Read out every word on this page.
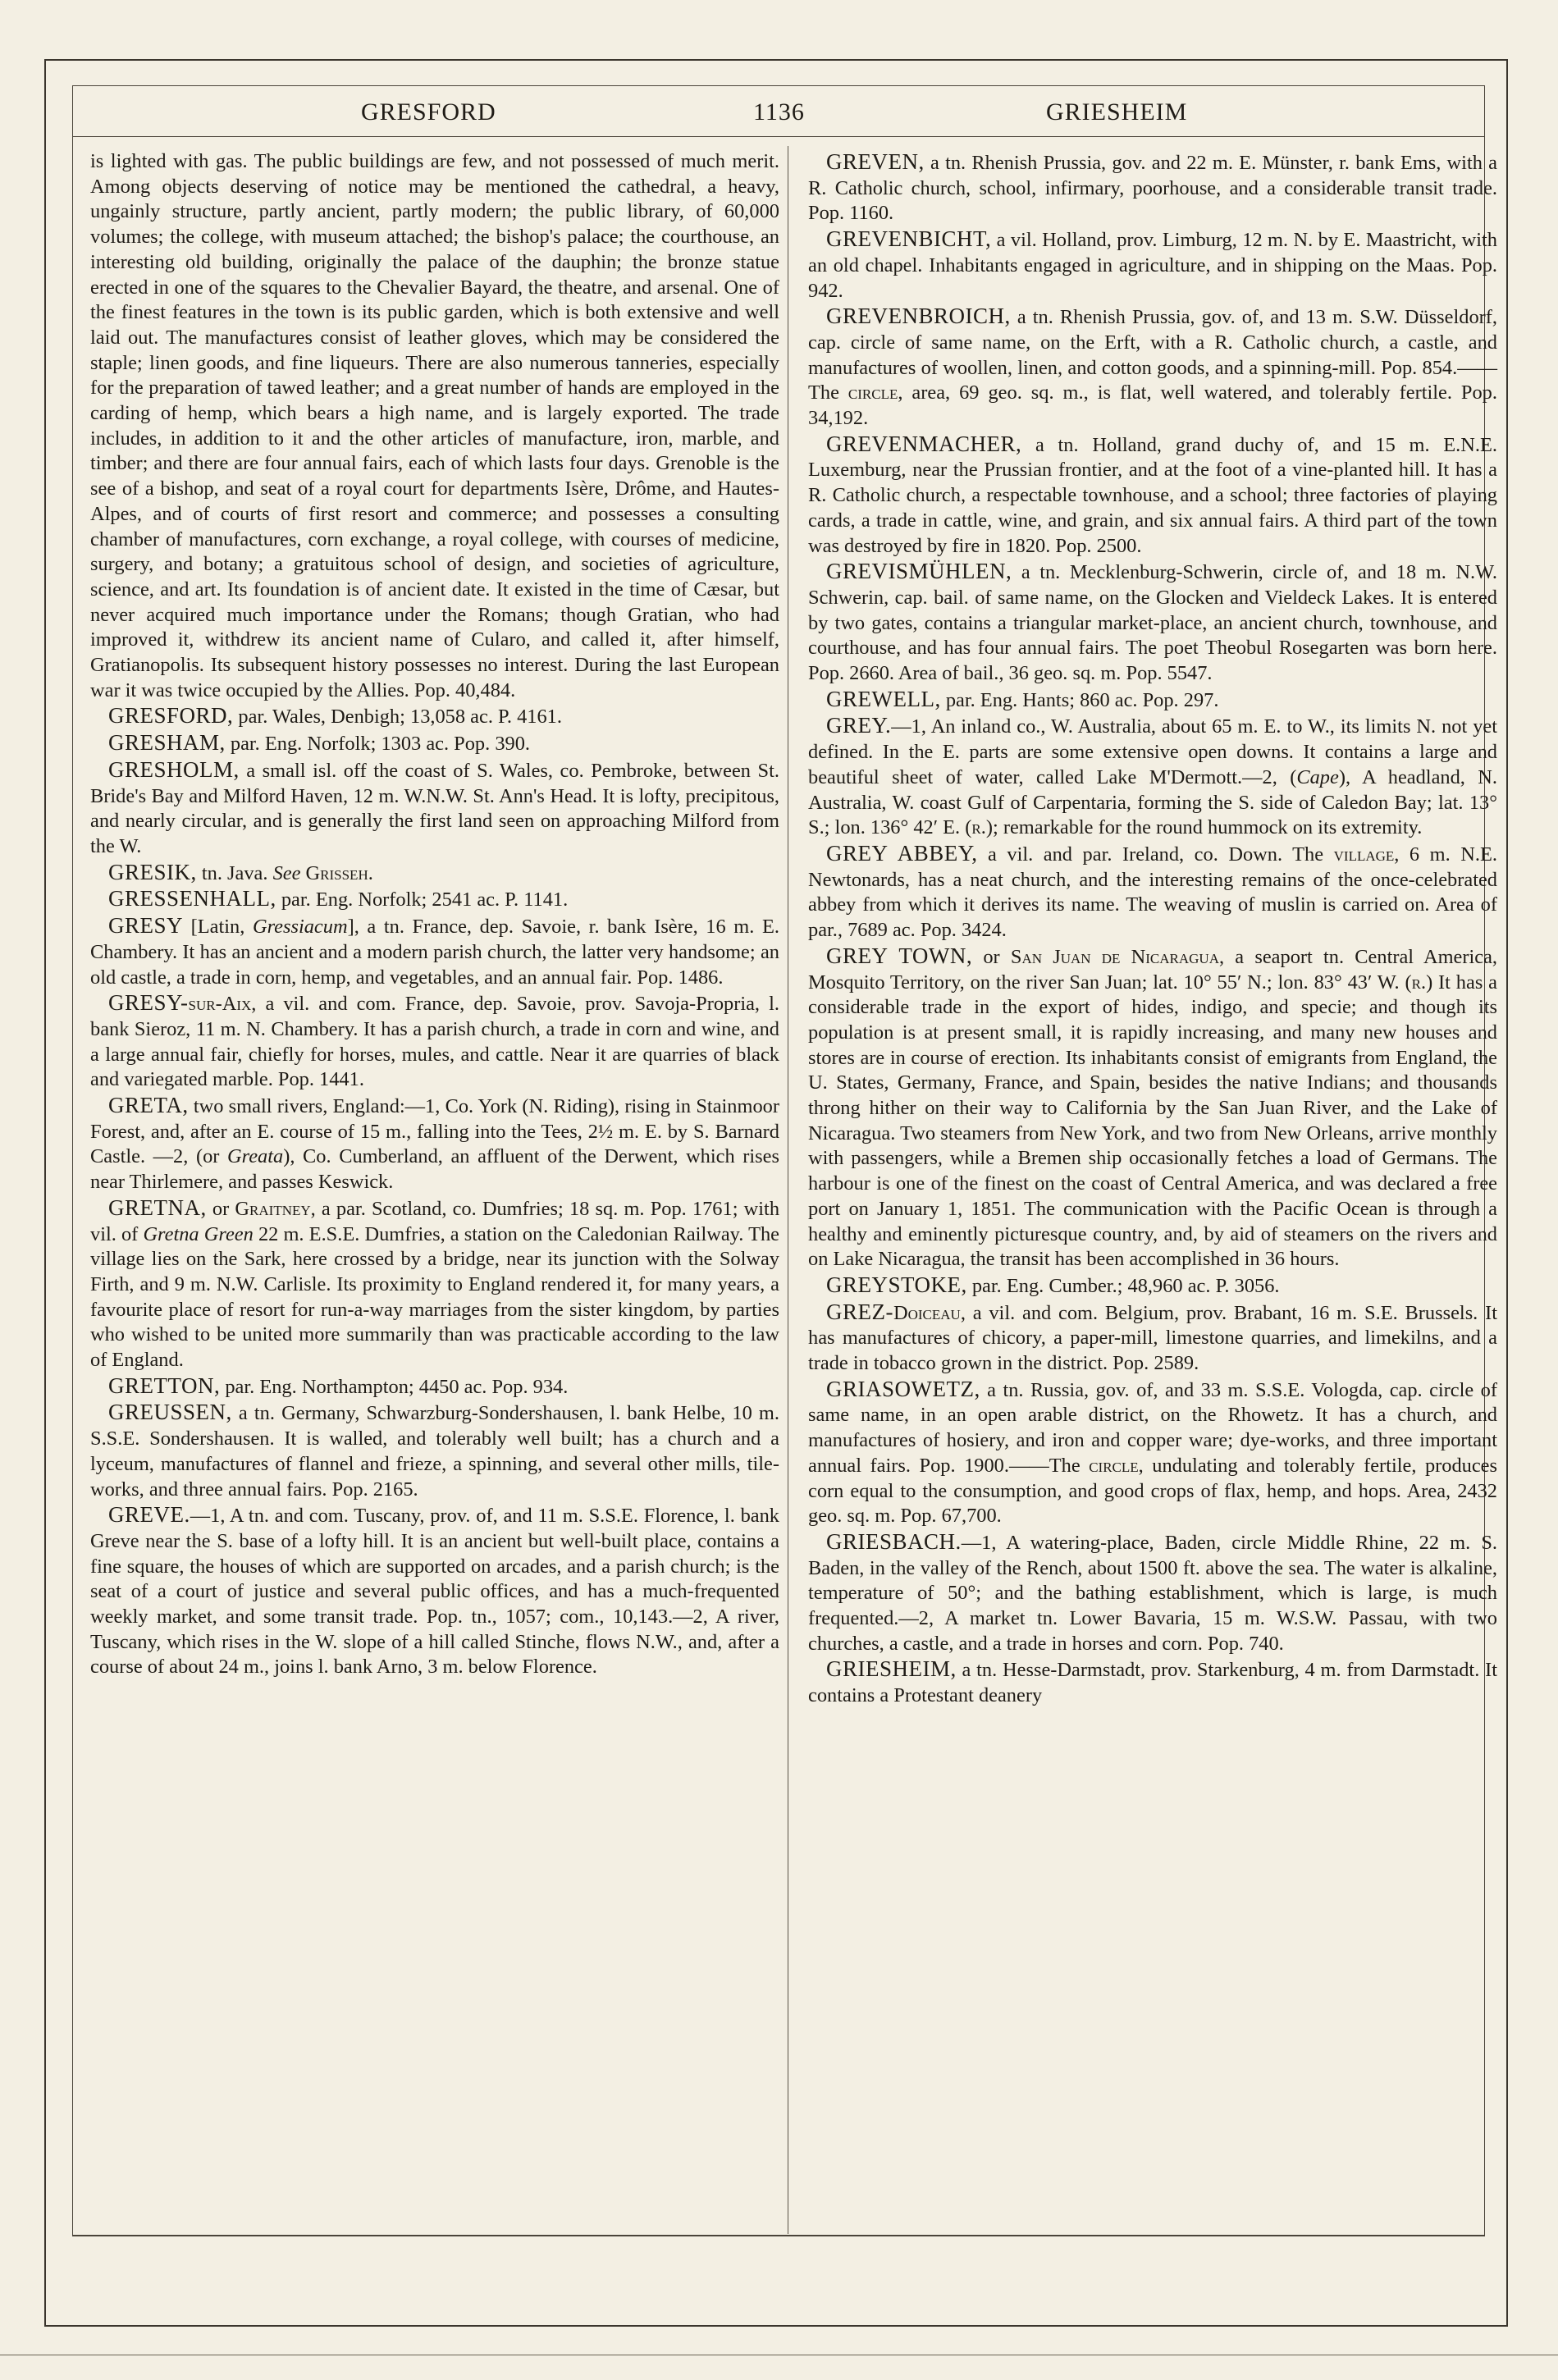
GRESFORD	1136	GRIESHEIM

is lighted with gas. The public buildings are few, and not possessed of much merit. Among objects deserving of notice may be mentioned the cathedral, a heavy, ungainly structure, partly ancient, partly modern; the public library, of 60,000 volumes; the college, with museum attached; the bishop's palace; the courthouse, an interesting old building, originally the palace of the dauphin; the bronze statue erected in one of the squares to the Chevalier Bayard, the theatre, and arsenal. One of the finest features in the town is its public garden, which is both extensive and well laid out. The manufactures consist of leather gloves, which may be considered the staple; linen goods, and fine liqueurs. There are also numerous tanneries, especially for the preparation of tawed leather; and a great number of hands are employed in the carding of hemp, which bears a high name, and is largely exported. The trade includes, in addition to it and the other articles of manufacture, iron, marble, and timber; and there are four annual fairs, each of which lasts four days. Grenoble is the see of a bishop, and seat of a royal court for departments Isère, Drôme, and Hautes-Alpes, and of courts of first resort and commerce; and possesses a consulting chamber of manufactures, corn exchange, a royal college, with courses of medicine, surgery, and botany; a gratuitous school of design, and societies of agriculture, science, and art. Its foundation is of ancient date. It existed in the time of Cæsar, but never acquired much importance under the Romans; though Gratian, who had improved it, withdrew its ancient name of Cularo, and called it, after himself, Gratianopolis. Its subsequent history possesses no interest. During the last European war it was twice occupied by the Allies. Pop. 40,484.

GRESFORD, par. Wales, Denbigh; 13,058 ac. P. 4161.

GRESHAM, par. Eng. Norfolk; 1303 ac. Pop. 390.

GRESHOLM, a small isl. off the coast of S. Wales, co. Pembroke, between St. Bride's Bay and Milford Haven, 12 m. W.N.W. St. Ann's Head. It is lofty, precipitous, and nearly circular, and is generally the first land seen on approaching Milford from the W.

GRESIK, tn. Java. See Grisseh.

GRESSENHALL, par. Eng. Norfolk; 2541 ac. P. 1141.

GRESY [Latin, Gressiacum], a tn. France, dep. Savoie, r. bank Isère, 16 m. E. Chambery. It has an ancient and a modern parish church, the latter very handsome; an old castle, a trade in corn, hemp, and vegetables, and an annual fair. Pop. 1486.

GRESY-sur-Aix, a vil. and com. France, dep. Savoie, prov. Savoja-Propria, l. bank Sieroz, 11 m. N. Chambery. It has a parish church, a trade in corn and wine, and a large annual fair, chiefly for horses, mules, and cattle. Near it are quarries of black and variegated marble. Pop. 1441.

GRETA, two small rivers, England:—1, Co. York (N. Riding), rising in Stainmoor Forest, and, after an E. course of 15 m., falling into the Tees, 2½ m. E. by S. Barnard Castle. —2, (or Greata), Co. Cumberland, an affluent of the Derwent, which rises near Thirlemere, and passes Keswick.

GRETNA, or Graitney, a par. Scotland, co. Dumfries; 18 sq. m. Pop. 1761; with vil. of Gretna Green 22 m. E.S.E. Dumfries, a station on the Caledonian Railway. The village lies on the Sark, here crossed by a bridge, near its junction with the Solway Firth, and 9 m. N.W. Carlisle. Its proximity to England rendered it, for many years, a favourite place of resort for run-a-way marriages from the sister kingdom, by parties who wished to be united more summarily than was practicable according to the law of England.

GRETTON, par. Eng. Northampton; 4450 ac. Pop. 934.

GREUSSEN, a tn. Germany, Schwarzburg-Sondershausen, l. bank Helbe, 10 m. S.S.E. Sondershausen. It is walled, and tolerably well built; has a church and a lyceum, manufactures of flannel and frieze, a spinning, and several other mills, tile-works, and three annual fairs. Pop. 2165.

GREVE.—1, A tn. and com. Tuscany, prov. of, and 11 m. S.S.E. Florence, l. bank Greve near the S. base of a lofty hill. It is an ancient but well-built place, contains a fine square, the houses of which are supported on arcades, and a parish church; is the seat of a court of justice and several public offices, and has a much-frequented weekly market, and some transit trade. Pop. tn., 1057; com., 10,143.—2, A river, Tuscany, which rises in the W. slope of a hill called Stinche, flows N.W., and, after a course of about 24 m., joins l. bank Arno, 3 m. below Florence.

GREVEN, a tn. Rhenish Prussia, gov. and 22 m. E. Münster, r. bank Ems, with a R. Catholic church, school, infirmary, poorhouse, and a considerable transit trade. Pop. 1160.

GREVENBICHT, a vil. Holland, prov. Limburg, 12 m. N. by E. Maastricht, with an old chapel. Inhabitants engaged in agriculture, and in shipping on the Maas. Pop. 942.

GREVENBROICH, a tn. Rhenish Prussia, gov. of, and 13 m. S.W. Düsseldorf, cap. circle of same name, on the Erft, with a R. Catholic church, a castle, and manufactures of woollen, linen, and cotton goods, and a spinning-mill. Pop. 854.——The circle, area, 69 geo. sq. m., is flat, well watered, and tolerably fertile. Pop. 34,192.

GREVENMACHER, a tn. Holland, grand duchy of, and 15 m. E.N.E. Luxemburg, near the Prussian frontier, and at the foot of a vine-planted hill. It has a R. Catholic church, a respectable townhouse, and a school; three factories of playing cards, a trade in cattle, wine, and grain, and six annual fairs. A third part of the town was destroyed by fire in 1820. Pop. 2500.

GREVISMÜHLEN, a tn. Mecklenburg-Schwerin, circle of, and 18 m. N.W. Schwerin, cap. bail. of same name, on the Glocken and Vieldeck Lakes. It is entered by two gates, contains a triangular market-place, an ancient church, townhouse, and courthouse, and has four annual fairs. The poet Theobul Rosegarten was born here. Pop. 2660. Area of bail., 36 geo. sq. m. Pop. 5547.

GREWELL, par. Eng. Hants; 860 ac. Pop. 297.

GREY.—1, An inland co., W. Australia, about 65 m. E. to W., its limits N. not yet defined. In the E. parts are some extensive open downs. It contains a large and beautiful sheet of water, called Lake M'Dermott.—2, (Cape), A headland, N. Australia, W. coast Gulf of Carpentaria, forming the S. side of Caledon Bay; lat. 13° S.; lon. 136° 42′ E. (r.); remarkable for the round hummock on its extremity.

GREY ABBEY, a vil. and par. Ireland, co. Down. The village, 6 m. N.E. Newtonards, has a neat church, and the interesting remains of the once-celebrated abbey from which it derives its name. The weaving of muslin is carried on. Area of par., 7689 ac. Pop. 3424.

GREY TOWN, or San Juan de Nicaragua, a seaport tn. Central America, Mosquito Territory, on the river San Juan; lat. 10° 55′ N.; lon. 83° 43′ W. (r.) It has a considerable trade in the export of hides, indigo, and specie; and though its population is at present small, it is rapidly increasing, and many new houses and stores are in course of erection. Its inhabitants consist of emigrants from England, the U. States, Germany, France, and Spain, besides the native Indians; and thousands throng hither on their way to California by the San Juan River, and the Lake of Nicaragua. Two steamers from New York, and two from New Orleans, arrive monthly with passengers, while a Bremen ship occasionally fetches a load of Germans. The harbour is one of the finest on the coast of Central America, and was declared a free port on January 1, 1851. The communication with the Pacific Ocean is through a healthy and eminently picturesque country, and, by aid of steamers on the rivers and on Lake Nicaragua, the transit has been accomplished in 36 hours.

GREYSTOKE, par. Eng. Cumber.; 48,960 ac. P. 3056.

GREZ-Doiceau, a vil. and com. Belgium, prov. Brabant, 16 m. S.E. Brussels. It has manufactures of chicory, a paper-mill, limestone quarries, and limekilns, and a trade in tobacco grown in the district. Pop. 2589.

GRIASOWETZ, a tn. Russia, gov. of, and 33 m. S.S.E. Vologda, cap. circle of same name, in an open arable district, on the Rhowetz. It has a church, and manufactures of hosiery, and iron and copper ware; dye-works, and three important annual fairs. Pop. 1900.——The circle, undulating and tolerably fertile, produces corn equal to the consumption, and good crops of flax, hemp, and hops. Area, 2432 geo. sq. m. Pop. 67,700.

GRIESBACH.—1, A watering-place, Baden, circle Middle Rhine, 22 m. S. Baden, in the valley of the Rench, about 1500 ft. above the sea. The water is alkaline, temperature of 50°; and the bathing establishment, which is large, is much frequented.—2, A market tn. Lower Bavaria, 15 m. W.S.W. Passau, with two churches, a castle, and a trade in horses and corn. Pop. 740.

GRIESHEIM, a tn. Hesse-Darmstadt, prov. Starkenburg, 4 m. from Darmstadt. It contains a Protestant deanery
